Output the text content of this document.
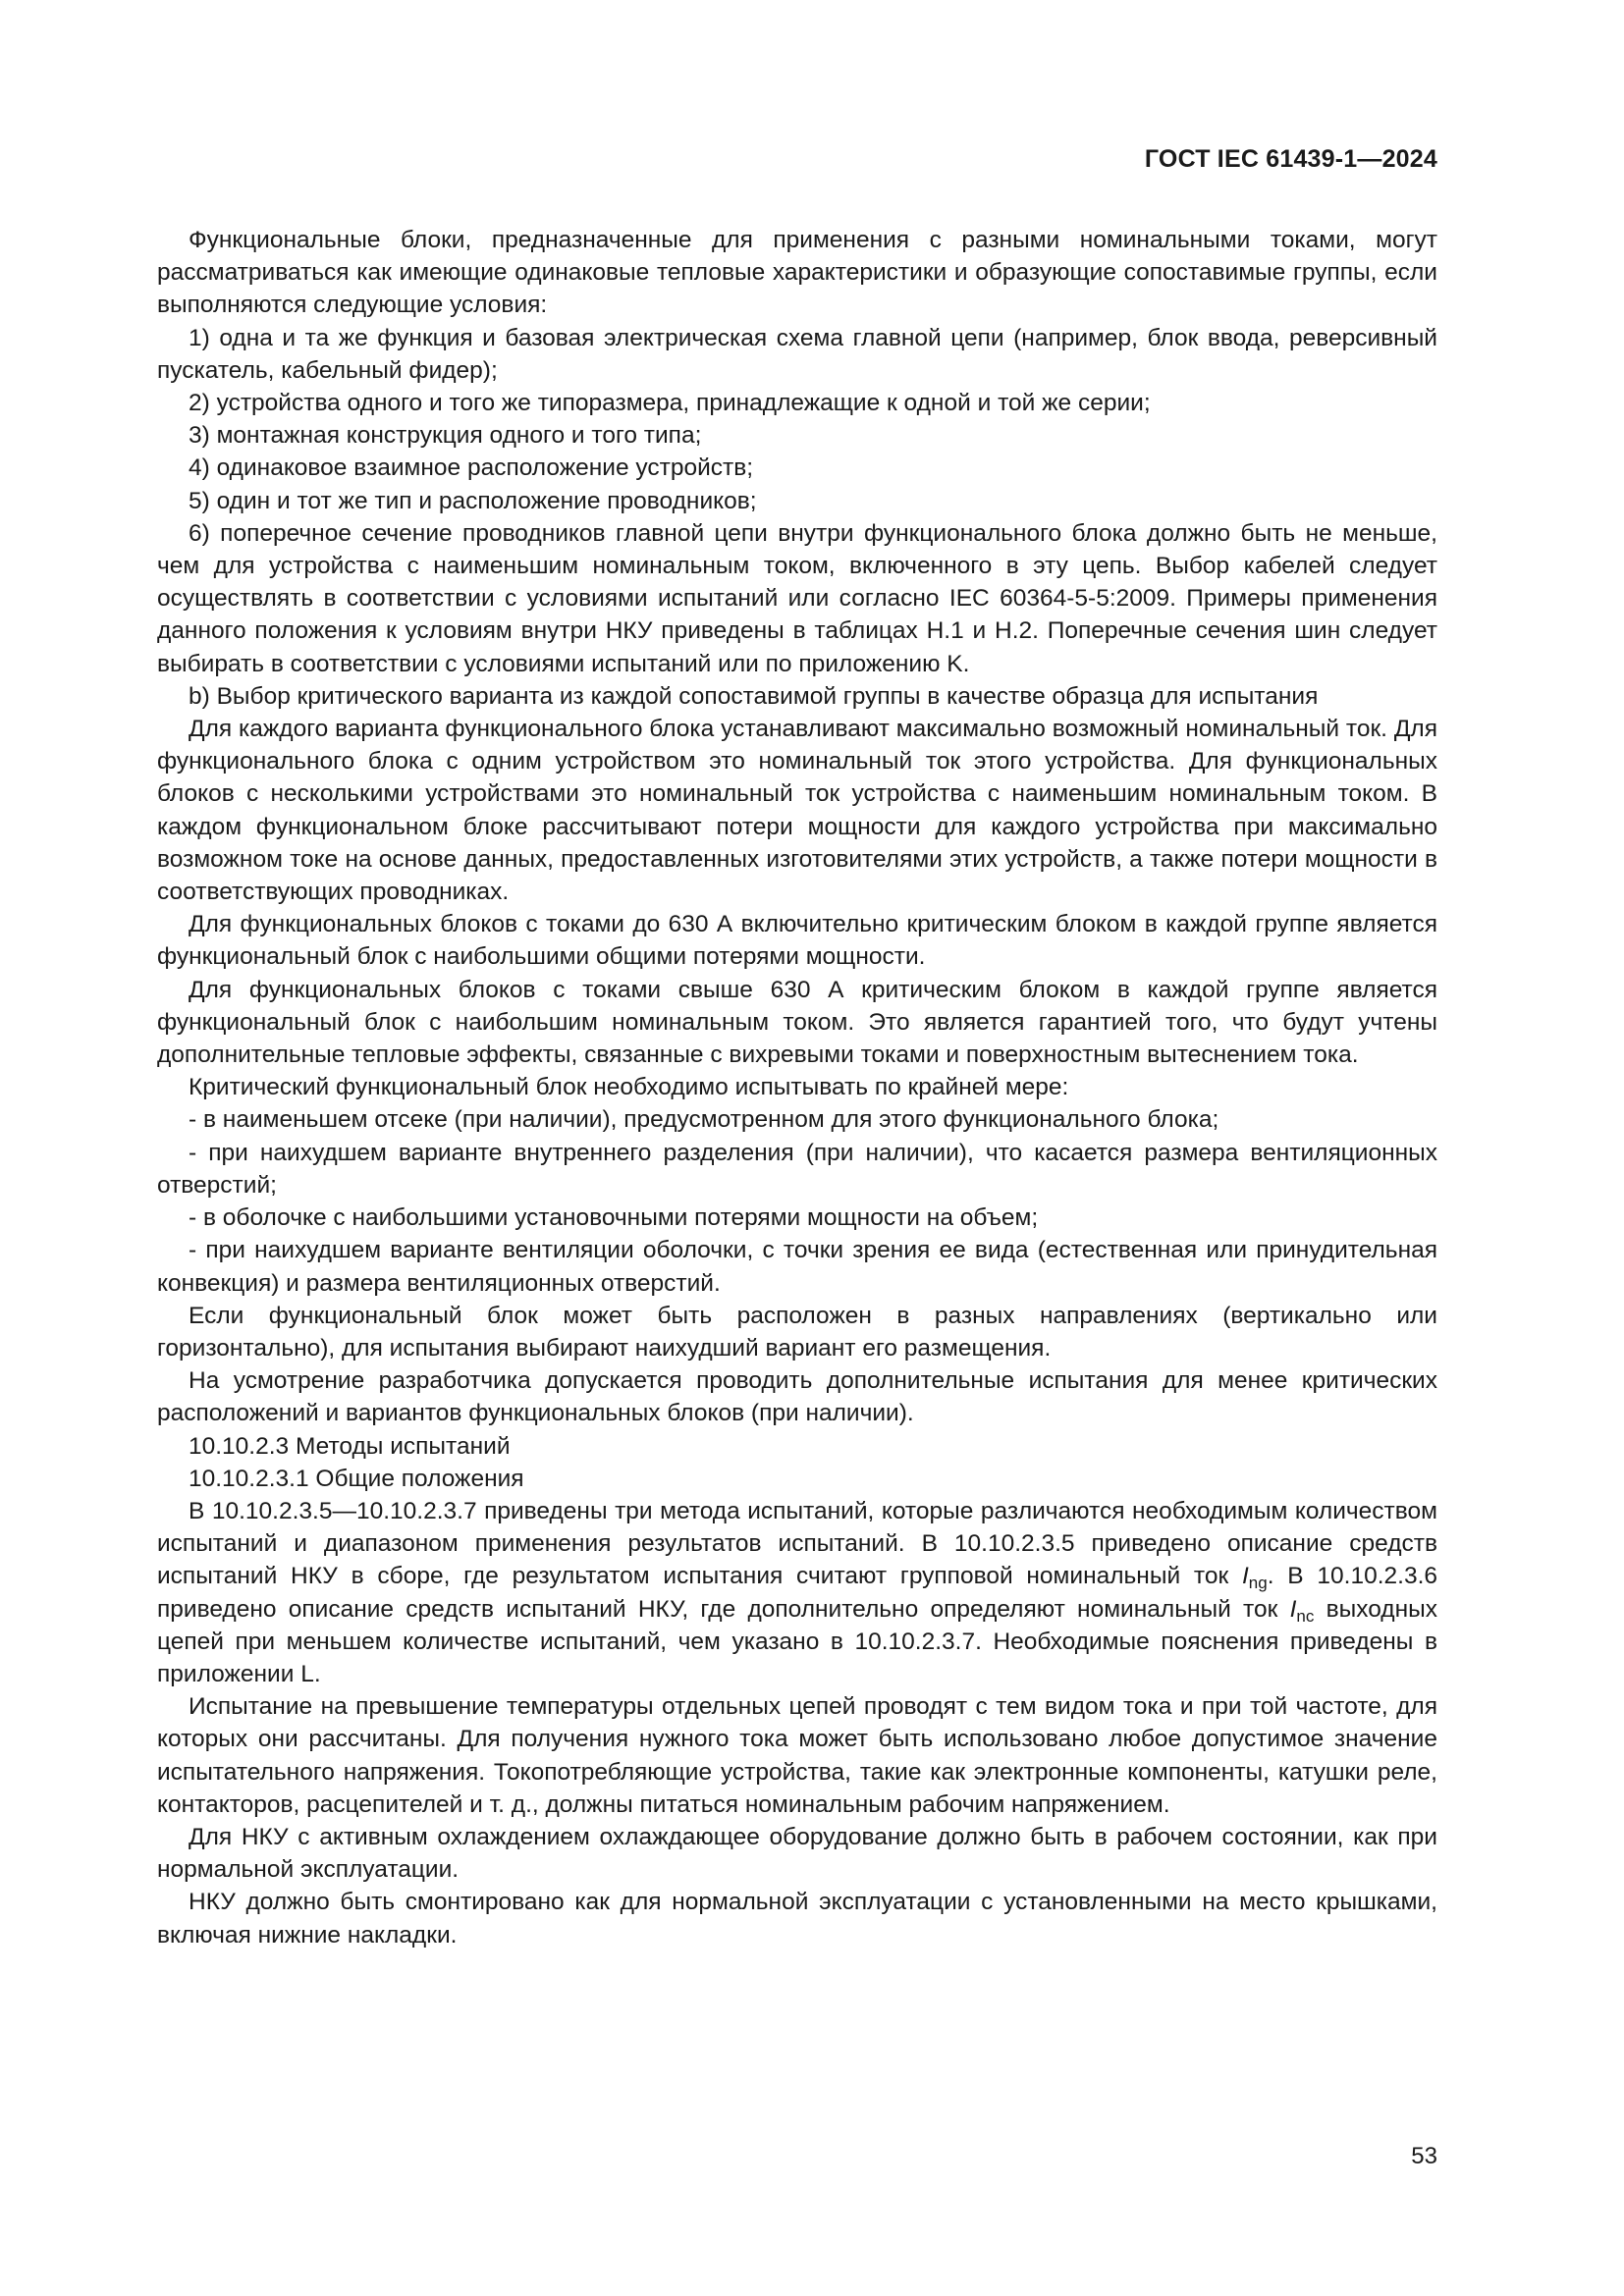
ГОСТ IEC 61439-1—2024

Функциональные блоки, предназначенные для применения с разными номинальными токами, могут рассматриваться как имеющие одинаковые тепловые характеристики и образующие сопоставимые группы, если выполняются следующие условия:

1) одна и та же функция и базовая электрическая схема главной цепи (например, блок ввода, реверсивный пускатель, кабельный фидер);

2) устройства одного и того же типоразмера, принадлежащие к одной и той же серии;

3) монтажная конструкция одного и того типа;

4) одинаковое взаимное расположение устройств;

5) один и тот же тип и расположение проводников;

6) поперечное сечение проводников главной цепи внутри функционального блока должно быть не меньше, чем для устройства с наименьшим номинальным током, включенного в эту цепь. Выбор кабелей следует осуществлять в соответствии с условиями испытаний или согласно IEC 60364-5-5:2009. Примеры применения данного положения к условиям внутри НКУ приведены в таблицах H.1 и H.2. Поперечные сечения шин следует выбирать в соответствии с условиями испытаний или по приложению K.

b) Выбор критического варианта из каждой сопоставимой группы в качестве образца для испытания

Для каждого варианта функционального блока устанавливают максимально возможный номинальный ток. Для функционального блока с одним устройством это номинальный ток этого устройства. Для функциональных блоков с несколькими устройствами это номинальный ток устройства с наименьшим номинальным током. В каждом функциональном блоке рассчитывают потери мощности для каждого устройства при максимально возможном токе на основе данных, предоставленных изготовителями этих устройств, а также потери мощности в соответствующих проводниках.

Для функциональных блоков с токами до 630 А включительно критическим блоком в каждой группе является функциональный блок с наибольшими общими потерями мощности.

Для функциональных блоков с токами свыше 630 А критическим блоком в каждой группе является функциональный блок с наибольшим номинальным током. Это является гарантией того, что будут учтены дополнительные тепловые эффекты, связанные с вихревыми токами и поверхностным вытеснением тока.

Критический функциональный блок необходимо испытывать по крайней мере:

- в наименьшем отсеке (при наличии), предусмотренном для этого функционального блока;

- при наихудшем варианте внутреннего разделения (при наличии), что касается размера вентиляционных отверстий;

- в оболочке с наибольшими установочными потерями мощности на объем;

- при наихудшем варианте вентиляции оболочки, с точки зрения ее вида (естественная или принудительная конвекция) и размера вентиляционных отверстий.

Если функциональный блок может быть расположен в разных направлениях (вертикально или горизонтально), для испытания выбирают наихудший вариант его размещения.

На усмотрение разработчика допускается проводить дополнительные испытания для менее критических расположений и вариантов функциональных блоков (при наличии).

10.10.2.3 Методы испытаний

10.10.2.3.1 Общие положения

В 10.10.2.3.5—10.10.2.3.7 приведены три метода испытаний, которые различаются необходимым количеством испытаний и диапазоном применения результатов испытаний. В 10.10.2.3.5 приведено описание средств испытаний НКУ в сборе, где результатом испытания считают групповой номинальный ток $I_{ng}$. В 10.10.2.3.6 приведено описание средств испытаний НКУ, где дополнительно определяют номинальный ток $I_{nc}$ выходных цепей при меньшем количестве испытаний, чем указано в 10.10.2.3.7. Необходимые пояснения приведены в приложении L.

Испытание на превышение температуры отдельных цепей проводят с тем видом тока и при той частоте, для которых они рассчитаны. Для получения нужного тока может быть использовано любое допустимое значение испытательного напряжения. Токопотребляющие устройства, такие как электронные компоненты, катушки реле, контакторов, расцепителей и т. д., должны питаться номинальным рабочим напряжением.

Для НКУ с активным охлаждением охлаждающее оборудование должно быть в рабочем состоянии, как при нормальной эксплуатации.

НКУ должно быть смонтировано как для нормальной эксплуатации с установленными на место крышками, включая нижние накладки.

53
